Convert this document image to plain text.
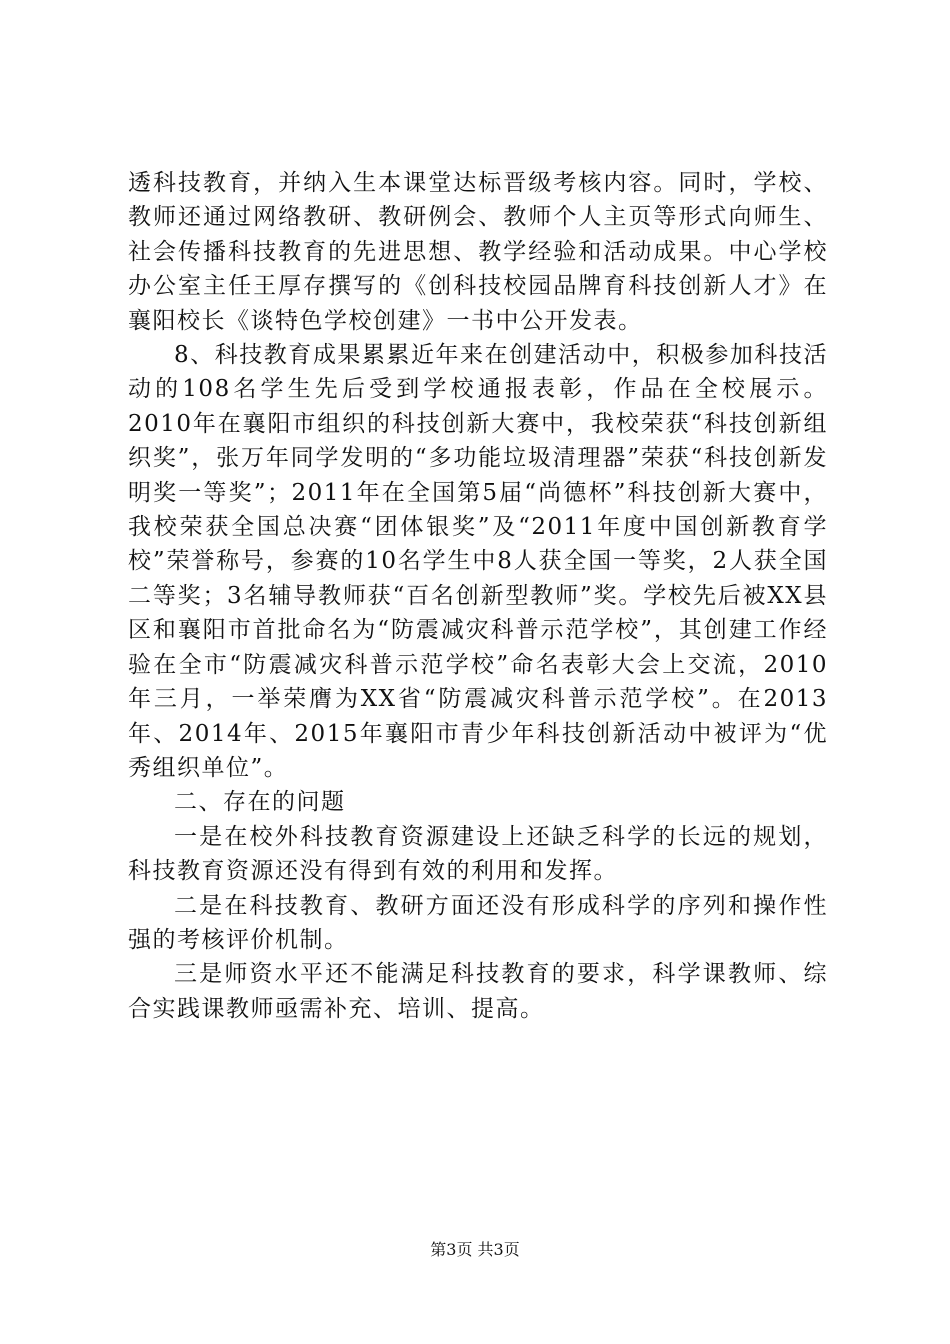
透科技教育，并纳入生本课堂达标晋级考核内容。同时，学校、教师还通过网络教研、教研例会、教师个人主页等形式向师生、社会传播科技教育的先进思想、教学经验和活动成果。中心学校办公室主任王厚存撰写的《创科技校园品牌育科技创新人才》在襄阳校长《谈特色学校创建》一书中公开发表。

8、科技教育成果累累近年来在创建活动中，积极参加科技活动的108名学生先后受到学校通报表彰，作品在全校展示。2010年在襄阳市组织的科技创新大赛中，我校荣获“科技创新组织奖”，张万年同学发明的“多功能垃圾清理器”荣获“科技创新发明奖一等奖”；2011年在全国第5届“尚德杯”科技创新大赛中，我校荣获全国总决赛“团体银奖”及“2011年度中国创新教育学校”荣誉称号，参赛的10名学生中8人获全国一等奖，2人获全国二等奖；3名辅导教师获“百名创新型教师”奖。学校先后被XX县区和襄阳市首批命名为“防震减灾科普示范学校”，其创建工作经验在全市“防震减灾科普示范学校”命名表彰大会上交流，2010年三月，一举荣膺为XX省“防震减灾科普示范学校”。在2013年、2014年、2015年襄阳市青少年科技创新活动中被评为“优秀组织单位”。

二、存在的问题

一是在校外科技教育资源建设上还缺乏科学的长远的规划，科技教育资源还没有得到有效的利用和发挥。

二是在科技教育、教研方面还没有形成科学的序列和操作性强的考核评价机制。

三是师资水平还不能满足科技教育的要求，科学课教师、综合实践课教师亟需补充、培训、提高。

第3页 共3页
